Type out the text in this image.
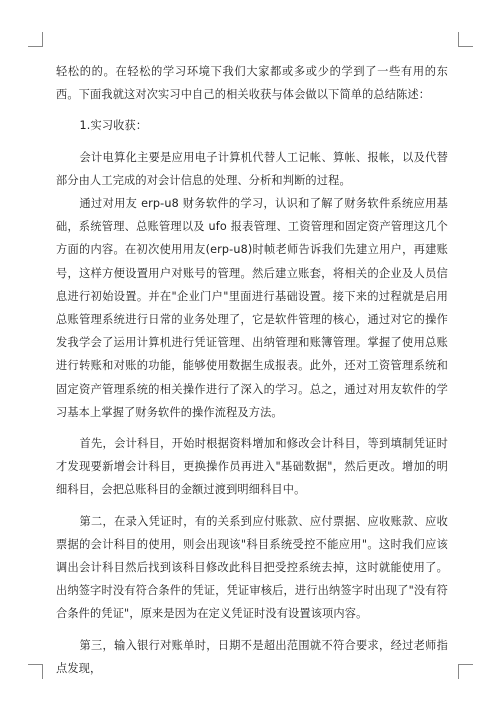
轻松的的。在轻松的学习环境下我们大家都或多或少的学到了一些有用的东西。下面我就这对次实习中自己的相关收获与体会做以下简单的总结陈述：

1.实习收获：

会计电算化主要是应用电子计算机代替人工记帐、算帐、报帐，以及代替部分由人工完成的对会计信息的处理、分析和判断的过程。

通过对用友 erp-u8 财务软件的学习，认识和了解了财务软件系统应用基础，系统管理、总账管理以及 ufo 报表管理、工资管理和固定资产管理这几个方面的内容。在初次使用用友(erp-u8)时帧老师告诉我们先建立用户，再建账号，这样方便设置用户对账号的管理。然后建立账套，将相关的企业及人员信息进行初始设置。并在"企业门户"里面进行基础设置。接下来的过程就是启用总账管理系统进行日常的业务处理了，它是软件管理的核心，通过对它的操作发我学会了运用计算机进行凭证管理、出纳管理和账簿管理。掌握了使用总账进行转账和对账的功能，能够使用数据生成报表。此外，还对工资管理系统和固定资产管理系统的相关操作进行了深入的学习。总之，通过对用友软件的学习基本上掌握了财务软件的操作流程及方法。

首先，会计科目，开始时根据资料增加和修改会计科目，等到填制凭证时才发现要新增会计科目，更换操作员再进入"基础数据"，然后更改。增加的明细科目，会把总账科目的金额过渡到明细科目中。

第二，在录入凭证时，有的关系到应付账款、应付票据、应收账款、应收票据的会计科目的使用，则会出现该"科目系统受控不能应用"。这时我们应该调出会计科目然后找到该科目修改此科目把受控系统去掉，这时就能使用了。出纳签字时没有符合条件的凭证，凭证审核后，进行出纳签字时出现了"没有符合条件的凭证"，原来是因为在定义凭证时没有设置该项内容。

第三，输入银行对账单时，日期不是超出范围就不符合要求，经过老师指点发现，
